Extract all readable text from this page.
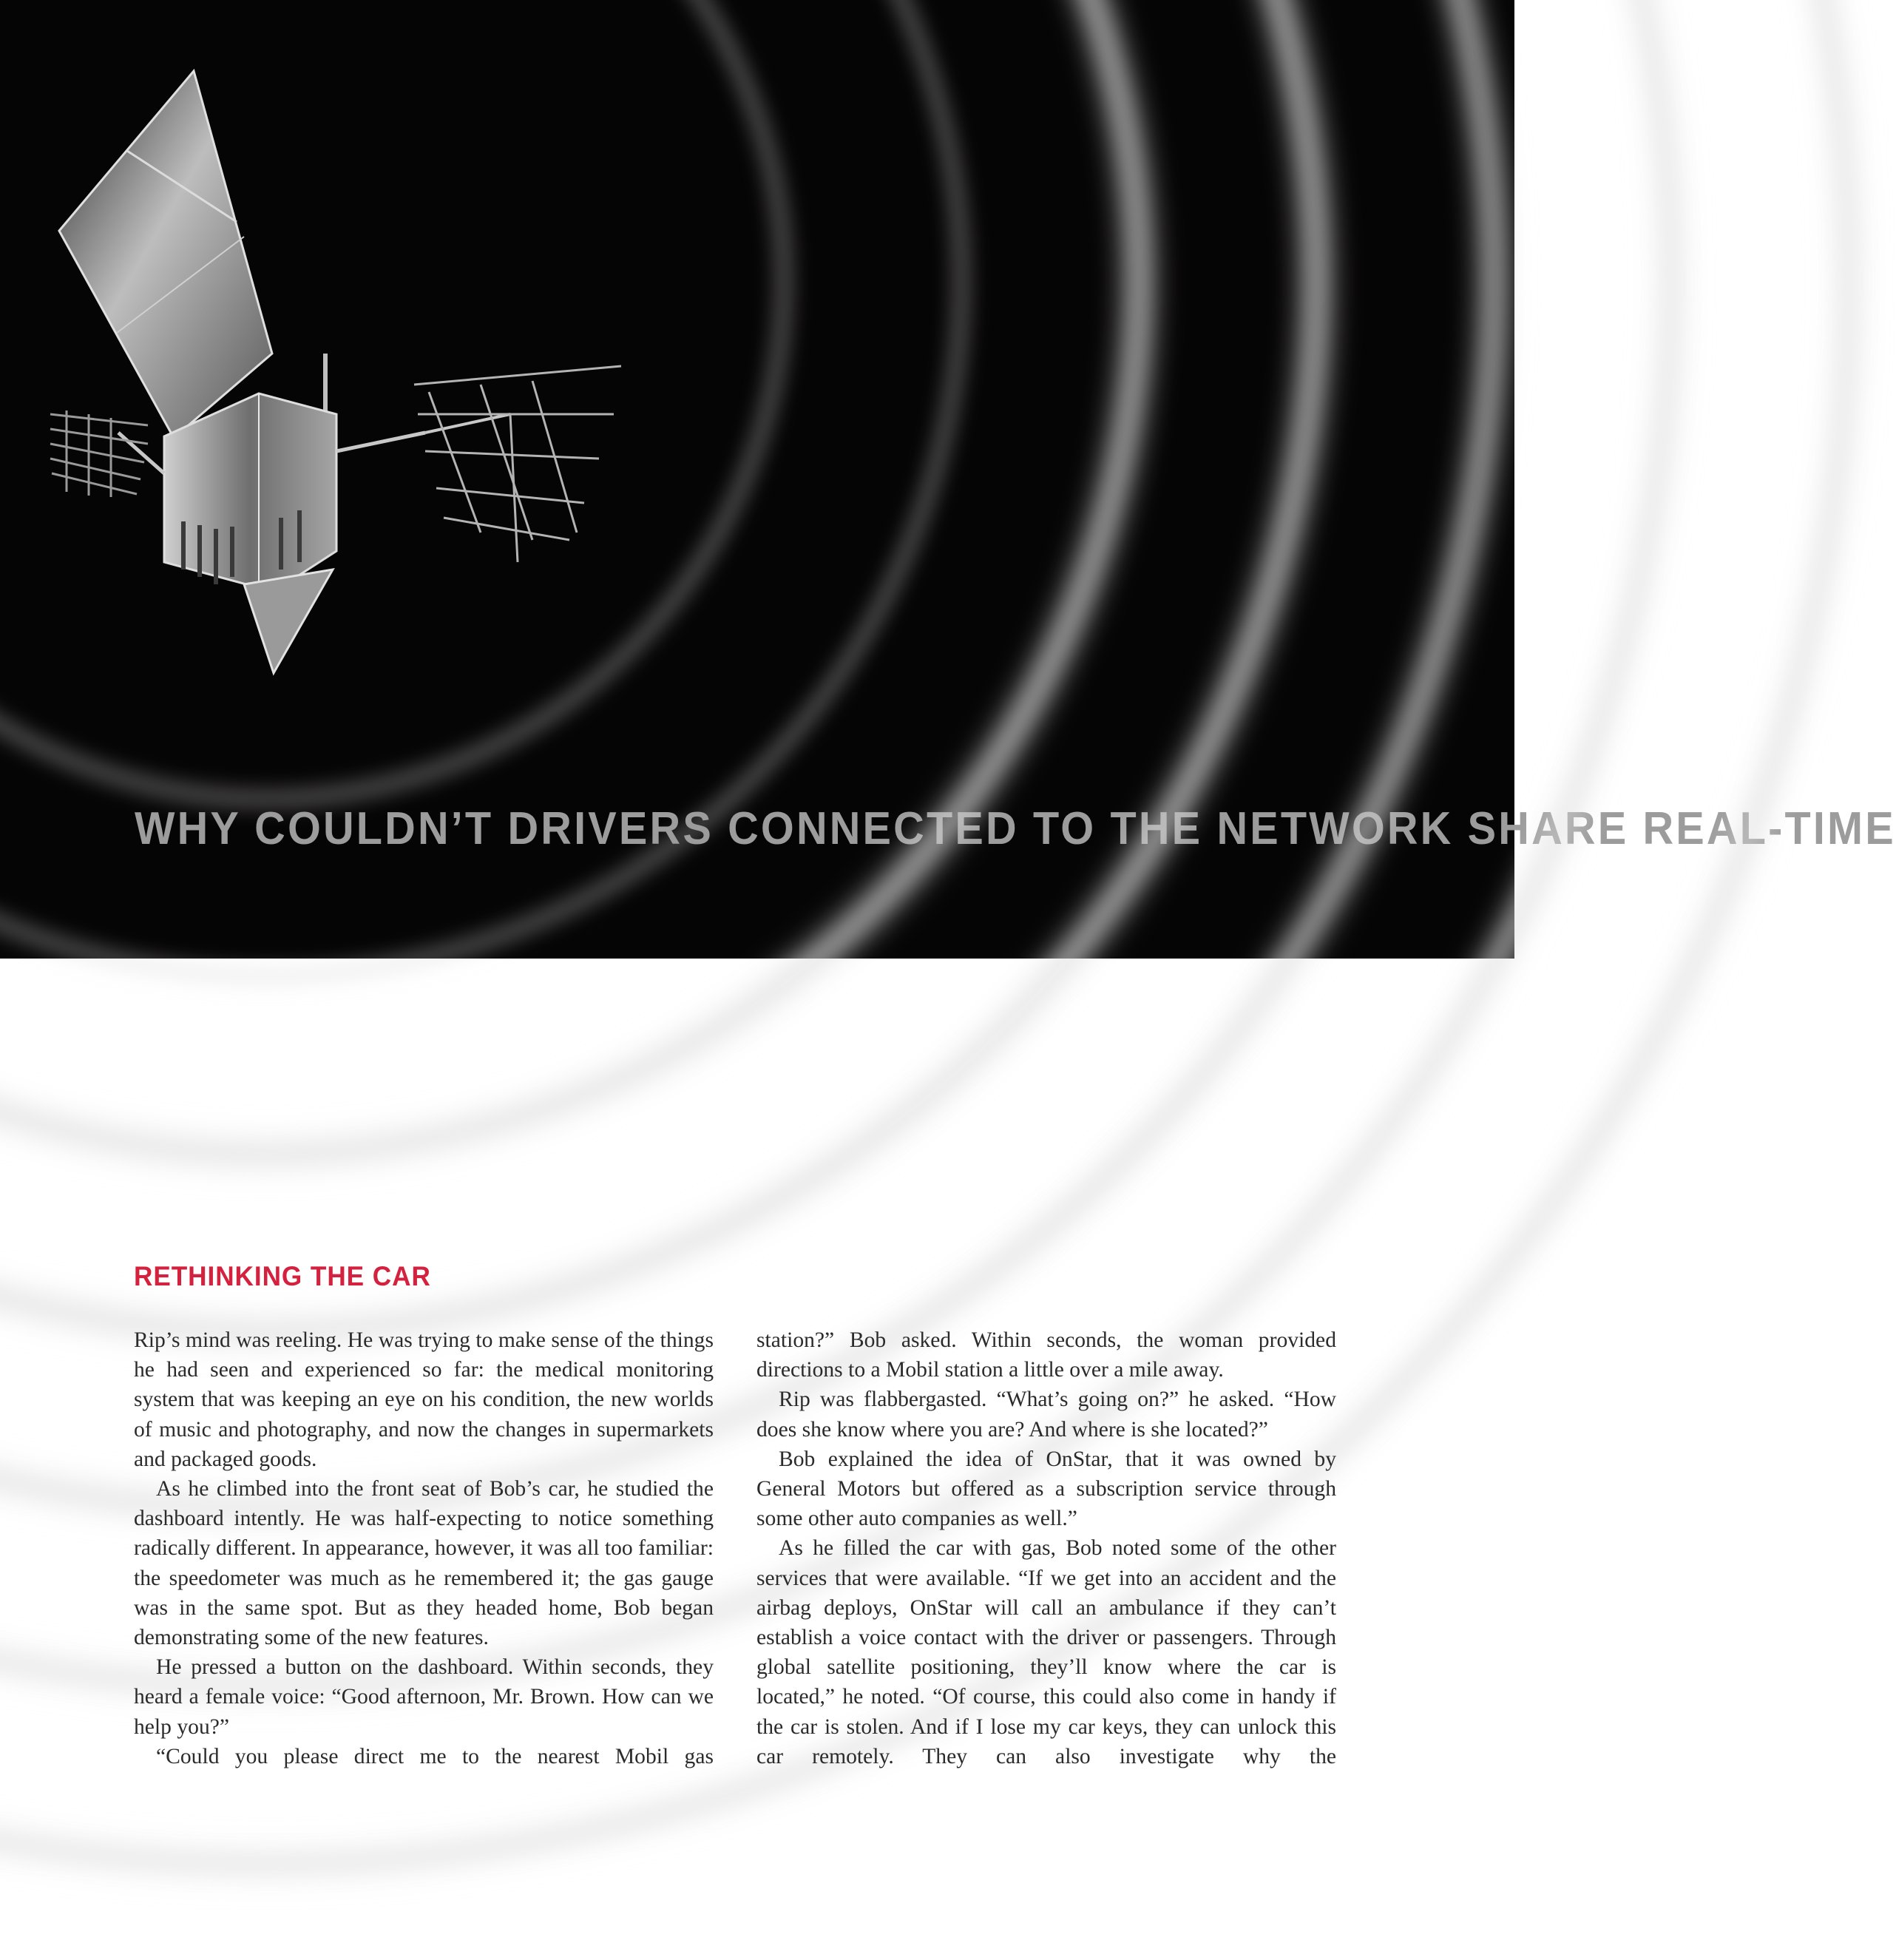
WHY COULDN’T DRIVERS CONNECTED TO THE NETWORK SHARE REAL-TIME
RETHINKING THE CAR

Rip’s mind was reeling. He was trying to make sense of the things he had seen and experienced so far: the medical monitoring system that was keeping an eye on his condition, the new worlds of music and photography, and now the changes in supermarkets and packaged goods.

As he climbed into the front seat of Bob’s car, he studied the dashboard intently. He was half-expecting to notice something radically different. In appearance, however, it was all too familiar: the speedometer was much as he remembered it; the gas gauge was in the same spot. But as they headed home, Bob began demonstrating some of the new features.

He pressed a button on the dashboard. Within seconds, they heard a female voice: “Good afternoon, Mr. Brown. How can we help you?”

“Could you please direct me to the nearest Mobil gas

station?” Bob asked. Within seconds, the woman provided directions to a Mobil station a little over a mile away.

Rip was flabbergasted. “What’s going on?” he asked. “How does she know where you are? And where is she located?”

Bob explained the idea of OnStar, that it was owned by General Motors but offered as a subscription service through some other auto companies as well.”

As he filled the car with gas, Bob noted some of the other services that were available. “If we get into an accident and the airbag deploys, OnStar will call an ambulance if they can’t establish a voice contact with the driver or passengers. Through global satellite positioning, they’ll know where the car is located,” he noted. “Of course, this could also come in handy if the car is stolen. And if I lose my car keys, they can unlock this car remotely. They can also investigate why the
